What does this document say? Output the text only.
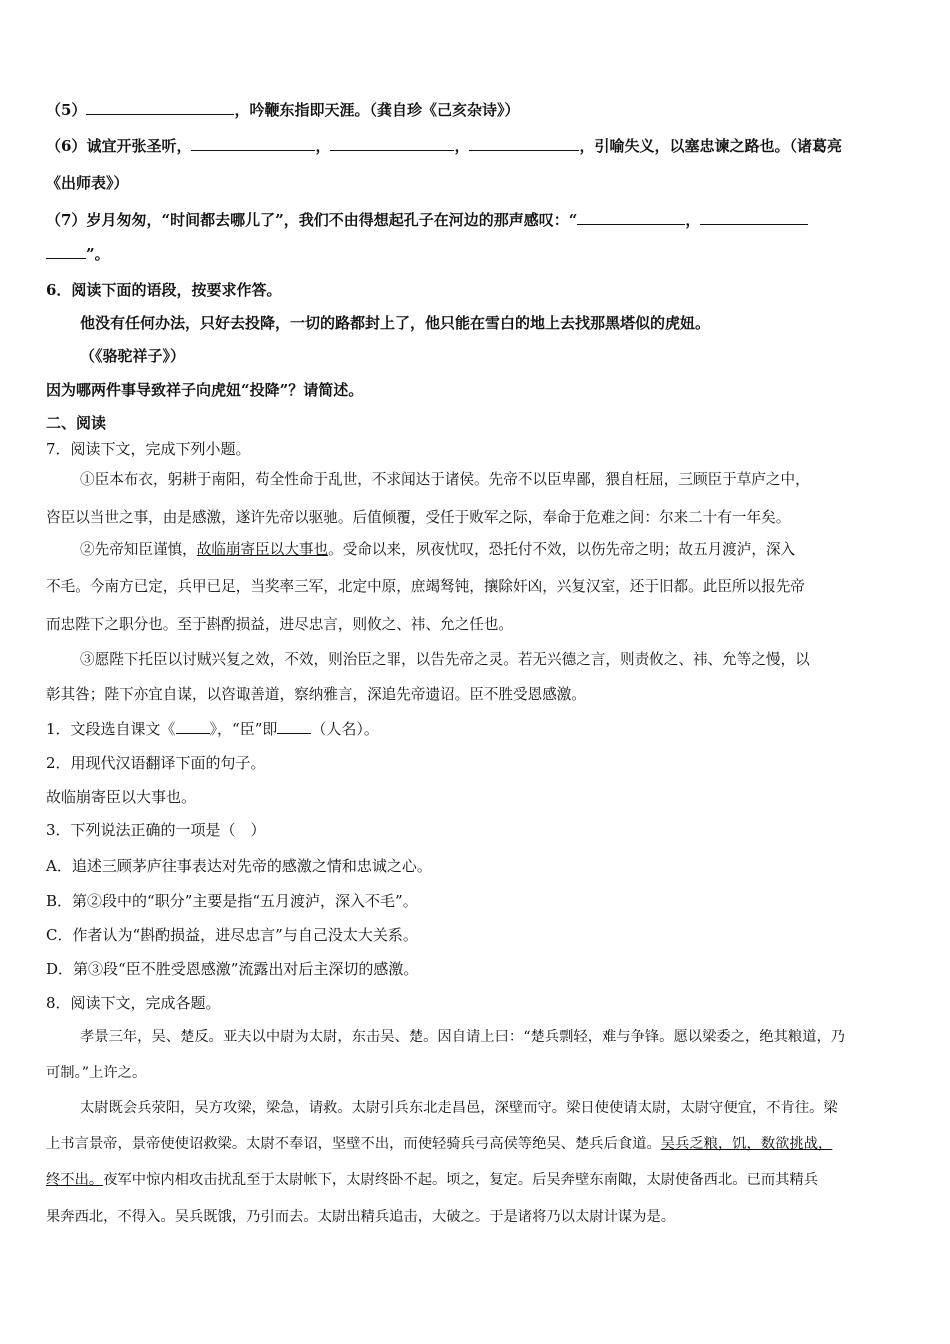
（5）	，吟鞭东指即天涯。（龚自珍《己亥杂诗》）
（6）诚宜开张圣听，	，	，	，引喻失义，以塞忠谏之路也。（诸葛亮
《出师表》）
（7）岁月匆匆，“时间都去哪儿了”，我们不由得想起孔子在河边的那声感叹：“	，
”。
6．阅读下面的语段，按要求作答。
他没有任何办法，只好去投降，一切的路都封上了，他只能在雪白的地上去找那黑塔似的虎妞。
（《骆驼祥子》）
因为哪两件事导致祥子向虎妞“投降”？请简述。
二、阅读
7．阅读下文，完成下列小题。
①臣本布衣，躬耕于南阳，苟全性命于乱世，不求闻达于诸侯。先帝不以臣卑鄙，猥自枉屈，三顾臣于草庐之中，
咨臣以当世之事，由是感激，遂许先帝以驱驰。后值倾覆，受任于败军之际，奉命于危难之间：尔来二十有一年矣。
②先帝知臣谨慎，故临崩寄臣以大事也。受命以来，夙夜忧叹，恐托付不效，以伤先帝之明；故五月渡泸，深入
不毛。今南方已定，兵甲已足，当奖率三军，北定中原，庶竭驽钝，攘除奸凶，兴复汉室，还于旧都。此臣所以报先帝
而忠陛下之职分也。至于斟酌损益，进尽忠言，则攸之、祎、允之任也。
③愿陛下托臣以讨贼兴复之效，不效，则治臣之罪，以告先帝之灵。若无兴德之言，则责攸之、祎、允等之慢，以
彰其咎；陛下亦宜自谋，以咨诹善道，察纳雅言，深追先帝遗诏。臣不胜受恩感激。
1．文段选自课文《 》，“臣”即 （人名）。
2．用现代汉语翻译下面的句子。
故临崩寄臣以大事也。
3．下列说法正确的一项是（　）
A．追述三顾茅庐往事表达对先帝的感激之情和忠诚之心。
B．第②段中的“职分”主要是指“五月渡泸，深入不毛”。
C．作者认为“斟酌损益，进尽忠言”与自己没太大关系。
D．第③段“臣不胜受恩感激”流露出对后主深切的感激。
8．阅读下文，完成各题。
孝景三年，吴、楚反。亚夫以中尉为太尉，东击吴、楚。因自请上曰：“楚兵剽轻，难与争锋。愿以梁委之，绝其粮道，乃
可制。”上许之。
太尉既会兵荥阳，吴方攻梁，梁急，请救。太尉引兵东北走昌邑，深壁而守。梁日使使请太尉，太尉守便宜，不肯往。梁
上书言景帝，景帝使使诏救梁。太尉不奉诏，坚壁不出，而使轻骑兵弓高侯等绝吴、楚兵后食道。吴兵乏粮，饥，数欲挑战，
终不出。夜军中惊内相攻击扰乱至于太尉帐下，太尉终卧不起。顷之，复定。后吴奔壁东南陬，太尉使备西北。已而其精兵
果奔西北，不得入。吴兵既饿，乃引而去。太尉出精兵追击，大破之。于是诸将乃以太尉计谋为是。
